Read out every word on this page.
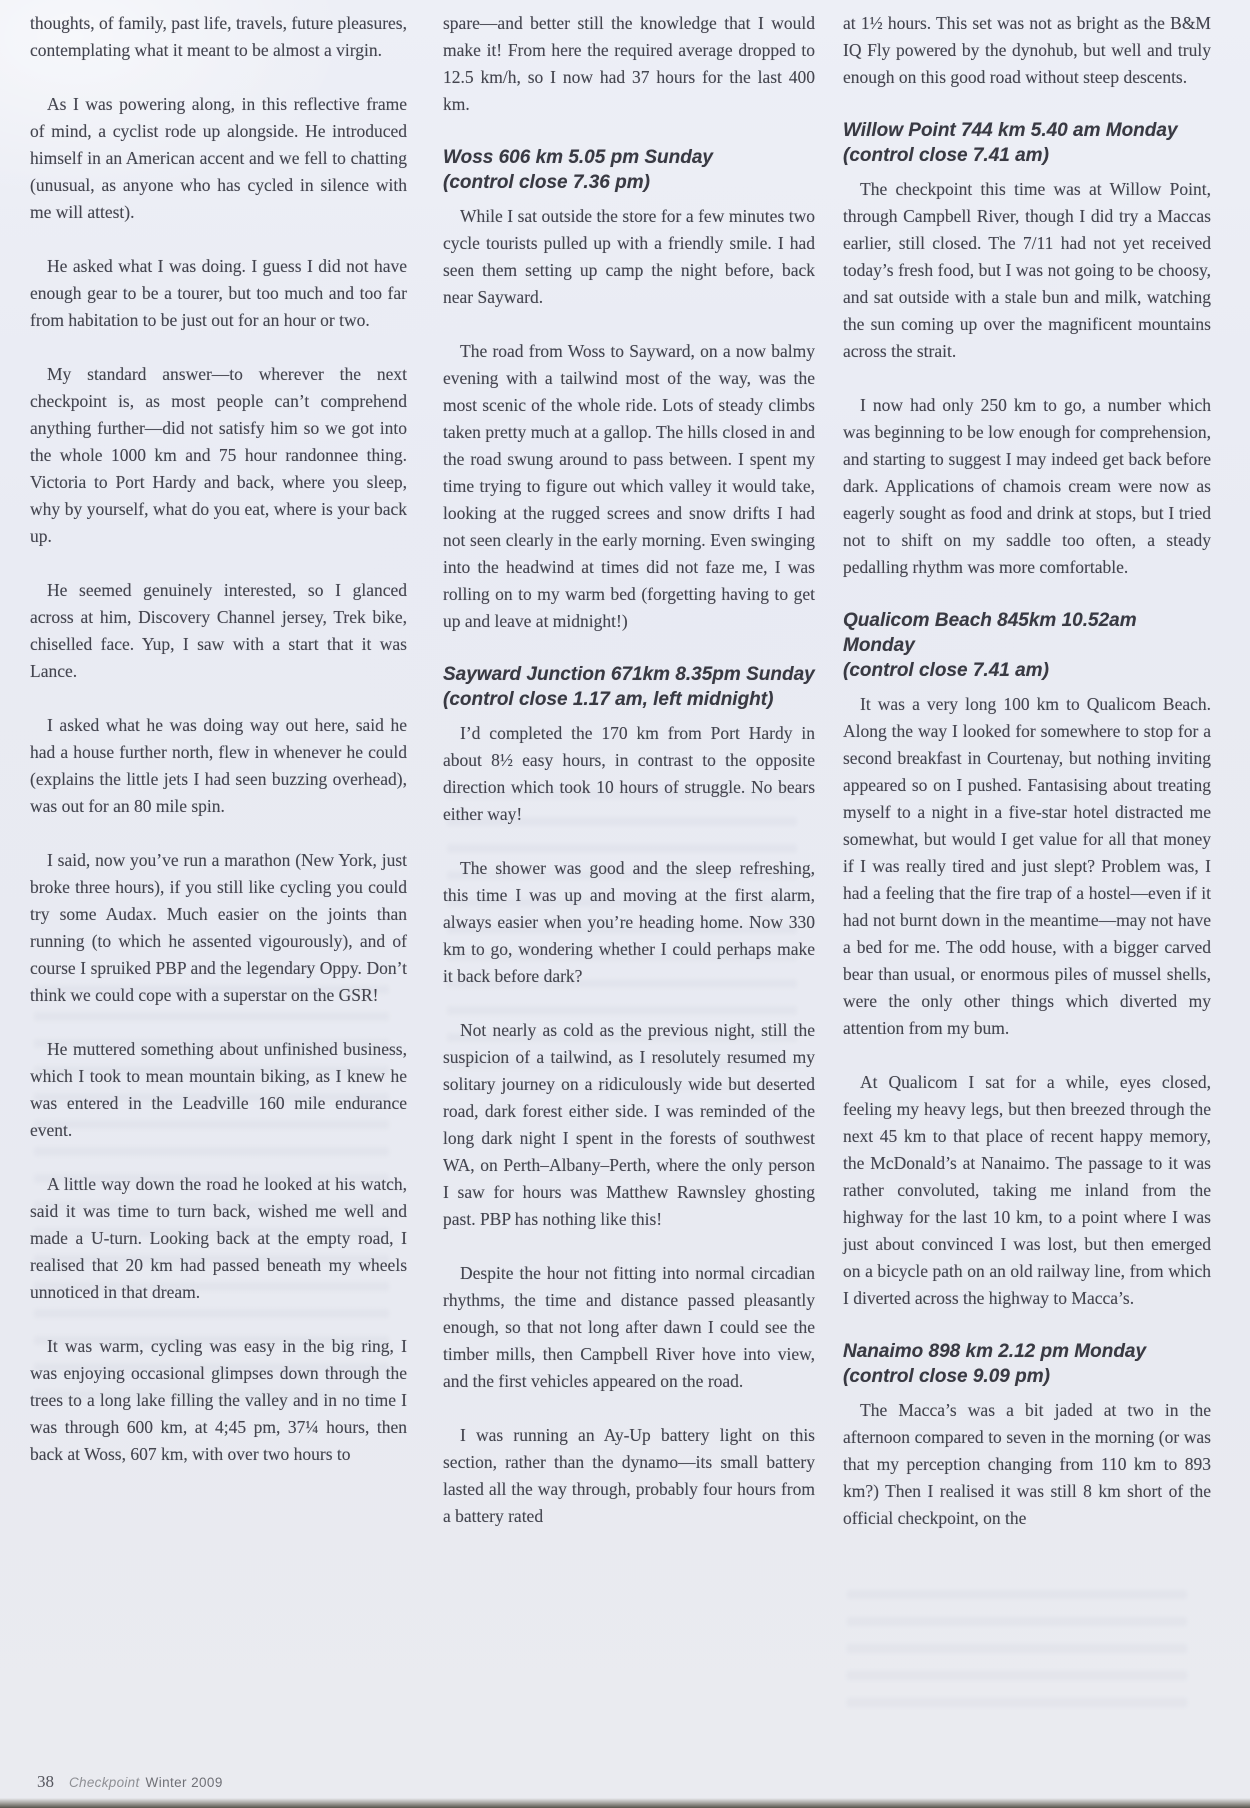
thoughts, of family, past life, travels, future pleasures, contemplating what it meant to be almost a virgin.

As I was powering along, in this reflective frame of mind, a cyclist rode up alongside. He introduced himself in an American accent and we fell to chatting (unusual, as anyone who has cycled in silence with me will attest).

He asked what I was doing. I guess I did not have enough gear to be a tourer, but too much and too far from habitation to be just out for an hour or two.

My standard answer—to wherever the next checkpoint is, as most people can’t comprehend anything further—did not satisfy him so we got into the whole 1000 km and 75 hour randonnee thing. Victoria to Port Hardy and back, where you sleep, why by yourself, what do you eat, where is your back up.

He seemed genuinely interested, so I glanced across at him, Discovery Channel jersey, Trek bike, chiselled face. Yup, I saw with a start that it was Lance.

I asked what he was doing way out here, said he had a house further north, flew in whenever he could (explains the little jets I had seen buzzing overhead), was out for an 80 mile spin.

I said, now you’ve run a marathon (New York, just broke three hours), if you still like cycling you could try some Audax. Much easier on the joints than running (to which he assented vigourously), and of course I spruiked PBP and the legendary Oppy. Don’t think we could cope with a superstar on the GSR!

He muttered something about unfinished business, which I took to mean mountain biking, as I knew he was entered in the Leadville 160 mile endurance event.

A little way down the road he looked at his watch, said it was time to turn back, wished me well and made a U-turn. Looking back at the empty road, I realised that 20 km had passed beneath my wheels unnoticed in that dream.

It was warm, cycling was easy in the big ring, I was enjoying occasional glimpses down through the trees to a long lake filling the valley and in no time I was through 600 km, at 4;45 pm, 37¼ hours, then back at Woss, 607 km, with over two hours to

spare—and better still the knowledge that I would make it! From here the required average dropped to 12.5 km/h, so I now had 37 hours for the last 400 km.

Woss 606 km 5.05 pm Sunday
(control close 7.36 pm)

While I sat outside the store for a few minutes two cycle tourists pulled up with a friendly smile. I had seen them setting up camp the night before, back near Sayward.

The road from Woss to Sayward, on a now balmy evening with a tailwind most of the way, was the most scenic of the whole ride. Lots of steady climbs taken pretty much at a gallop. The hills closed in and the road swung around to pass between. I spent my time trying to figure out which valley it would take, looking at the rugged screes and snow drifts I had not seen clearly in the early morning. Even swinging into the headwind at times did not faze me, I was rolling on to my warm bed (forgetting having to get up and leave at midnight!)

Sayward Junction 671km 8.35pm Sunday
(control close 1.17 am, left midnight)

I’d completed the 170 km from Port Hardy in about 8½ easy hours, in contrast to the opposite direction which took 10 hours of struggle. No bears either way!

The shower was good and the sleep refreshing, this time I was up and moving at the first alarm, always easier when you’re heading home. Now 330 km to go, wondering whether I could perhaps make it back before dark?

Not nearly as cold as the previous night, still the suspicion of a tailwind, as I resolutely resumed my solitary journey on a ridiculously wide but deserted road, dark forest either side. I was reminded of the long dark night I spent in the forests of southwest WA, on Perth–Albany–Perth, where the only person I saw for hours was Matthew Rawnsley ghosting past. PBP has nothing like this!

Despite the hour not fitting into normal circadian rhythms, the time and distance passed pleasantly enough, so that not long after dawn I could see the timber mills, then Campbell River hove into view, and the first vehicles appeared on the road.

I was running an Ay-Up battery light on this section, rather than the dynamo—its small battery lasted all the way through, probably four hours from a battery rated

at 1½ hours. This set was not as bright as the B&M IQ Fly powered by the dynohub, but well and truly enough on this good road without steep descents.

Willow Point 744 km 5.40 am Monday
(control close 7.41 am)

The checkpoint this time was at Willow Point, through Campbell River, though I did try a Maccas earlier, still closed. The 7/11 had not yet received today’s fresh food, but I was not going to be choosy, and sat outside with a stale bun and milk, watching the sun coming up over the magnificent mountains across the strait.

I now had only 250 km to go, a number which was beginning to be low enough for comprehension, and starting to suggest I may indeed get back before dark. Applications of chamois cream were now as eagerly sought as food and drink at stops, but I tried not to shift on my saddle too often, a steady pedalling rhythm was more comfortable.

Qualicom Beach 845km 10.52am Monday
(control close 7.41 am)

It was a very long 100 km to Qualicom Beach. Along the way I looked for somewhere to stop for a second breakfast in Courtenay, but nothing inviting appeared so on I pushed. Fantasising about treating myself to a night in a five-star hotel distracted me somewhat, but would I get value for all that money if I was really tired and just slept? Problem was, I had a feeling that the fire trap of a hostel—even if it had not burnt down in the meantime—may not have a bed for me. The odd house, with a bigger carved bear than usual, or enormous piles of mussel shells, were the only other things which diverted my attention from my bum.

At Qualicom I sat for a while, eyes closed, feeling my heavy legs, but then breezed through the next 45 km to that place of recent happy memory, the McDonald’s at Nanaimo. The passage to it was rather convoluted, taking me inland from the highway for the last 10 km, to a point where I was just about convinced I was lost, but then emerged on a bicycle path on an old railway line, from which I diverted across the highway to Macca’s.

Nanaimo 898 km 2.12 pm Monday
(control close 9.09 pm)

The Macca’s was a bit jaded at two in the afternoon compared to seven in the morning (or was that my perception changing from 110 km to 893 km?) Then I realised it was still 8 km short of the official checkpoint, on the

38 Checkpoint Winter 2009
